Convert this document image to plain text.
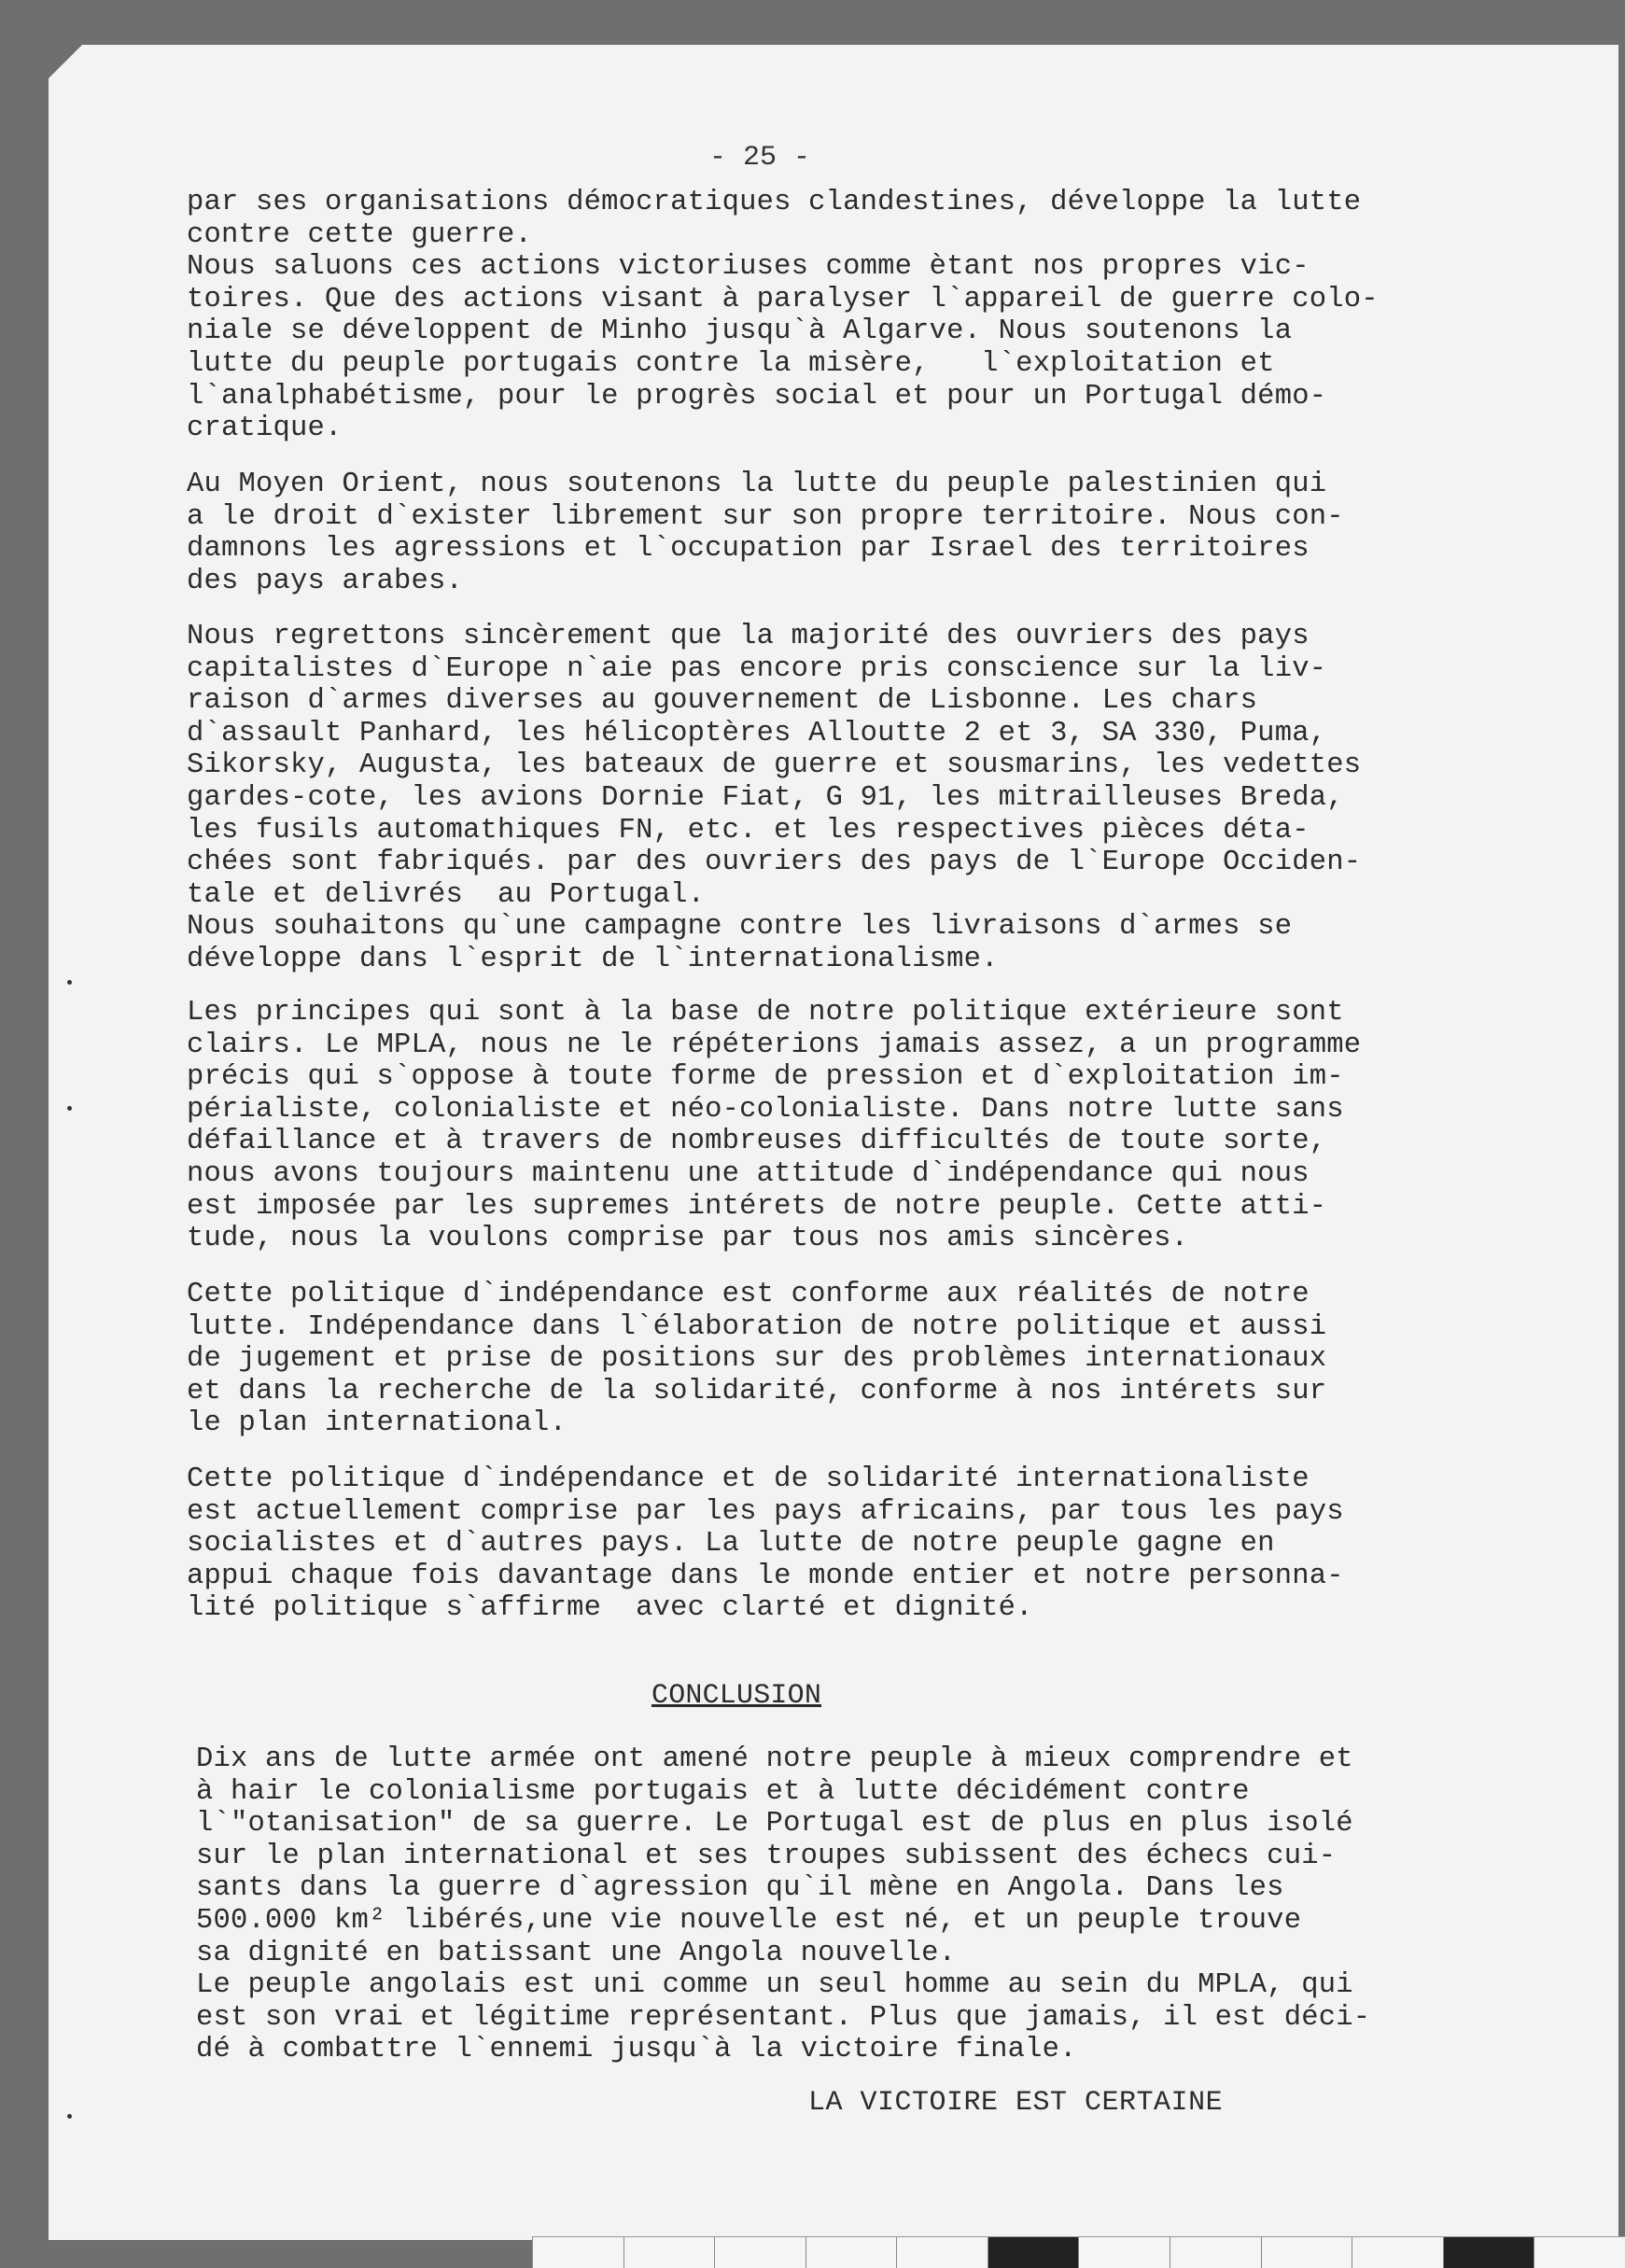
- 25 -
par ses organisations démocratiques clandestines, développe la lutte
contre cette guerre.
Nous saluons ces actions victoriuses comme ètant nos propres vic-
toires. Que des actions visant à paralyser l`appareil de guerre colo-
niale se développent de Minho jusqu`à Algarve. Nous soutenons la
lutte du peuple portugais contre la misère,   l`exploitation et
l`analphabétisme, pour le progrès social et pour un Portugal démo-
cratique.
Au Moyen Orient, nous soutenons la lutte du peuple palestinien qui
a le droit d`exister librement sur son propre territoire. Nous con-
damnons les agressions et l`occupation par Israel des territoires
des pays arabes.
Nous regrettons sincèrement que la majorité des ouvriers des pays
capitalistes d`Europe n`aie pas encore pris conscience sur la liv-
raison d`armes diverses au gouvernement de Lisbonne. Les chars
d`assault Panhard, les hélicoptères Alloutte 2 et 3, SA 330, Puma,
Sikorsky, Augusta, les bateaux de guerre et sousmarins, les vedettes
gardes-cote, les avions Dornie Fiat, G 91, les mitrailleuses Breda,
les fusils automathiques FN, etc. et les respectives pièces déta-
chées sont fabriqués. par des ouvriers des pays de l`Europe Occiden-
tale et delivrés  au Portugal.
Nous souhaitons qu`une campagne contre les livraisons d`armes se
développe dans l`esprit de l`internationalisme.
Les principes qui sont à la base de notre politique extérieure sont
clairs. Le MPLA, nous ne le répéterions jamais assez, a un programme
précis qui s`oppose à toute forme de pression et d`exploitation im-
périaliste, colonialiste et néo-colonialiste. Dans notre lutte sans
défaillance et à travers de nombreuses difficultés de toute sorte,
nous avons toujours maintenu une attitude d`indépendance qui nous
est imposée par les supremes intérets de notre peuple. Cette atti-
tude, nous la voulons comprise par tous nos amis sincères.
Cette politique d`indépendance est conforme aux réalités de notre
lutte. Indépendance dans l`élaboration de notre politique et aussi
de jugement et prise de positions sur des problèmes internationaux
et dans la recherche de la solidarité, conforme à nos intérets sur
le plan international.
Cette politique d`indépendance et de solidarité internationaliste
est actuellement comprise par les pays africains, par tous les pays
socialistes et d`autres pays. La lutte de notre peuple gagne en
appui chaque fois davantage dans le monde entier et notre personna-
lité politique s`affirme  avec clarté et dignité.
CONCLUSION
Dix ans de lutte armée ont amené notre peuple à mieux comprendre et
à hair le colonialisme portugais et à lutte décidément contre
l`"otanisation" de sa guerre. Le Portugal est de plus en plus isolé
sur le plan international et ses troupes subissent des échecs cui-
sants dans la guerre d`agression qu`il mène en Angola. Dans les
500.000 km² libérés,une vie nouvelle est né, et un peuple trouve
sa dignité en batissant une Angola nouvelle.
Le peuple angolais est uni comme un seul homme au sein du MPLA, qui
est son vrai et légitime représentant. Plus que jamais, il est déci-
dé à combattre l`ennemi jusqu`à la victoire finale.
LA VICTOIRE EST CERTAINE
